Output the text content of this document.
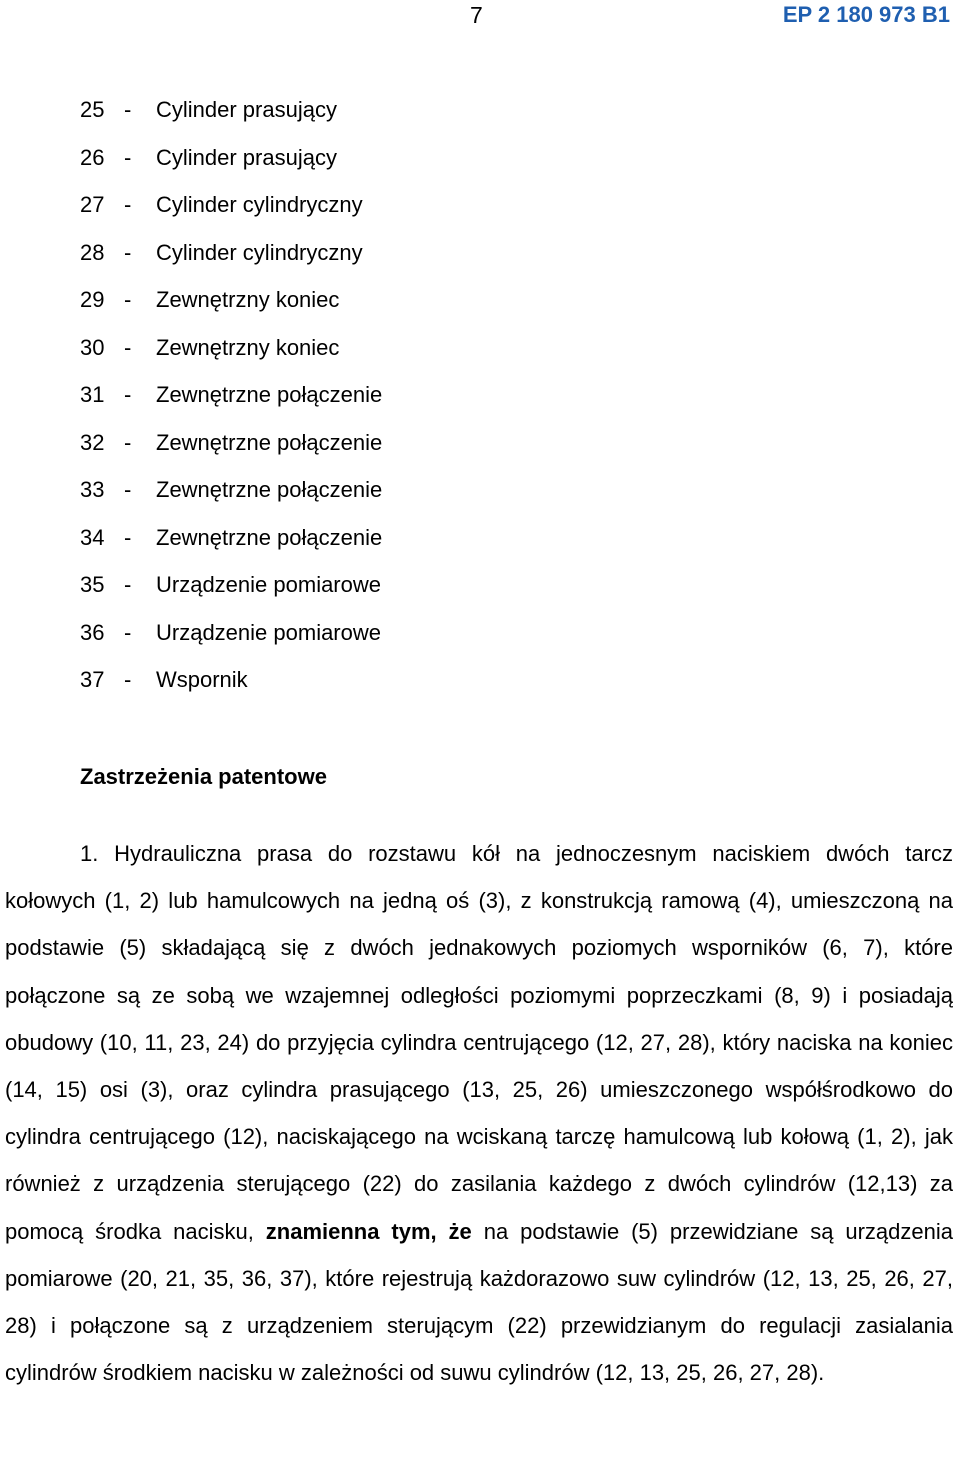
7	EP 2 180 973 B1
25 - Cylinder prasujący
26 - Cylinder prasujący
27 - Cylinder cylindryczny
28 - Cylinder cylindryczny
29 - Zewnętrzny koniec
30 - Zewnętrzny koniec
31 - Zewnętrzne połączenie
32 - Zewnętrzne połączenie
33 - Zewnętrzne połączenie
34 - Zewnętrzne połączenie
35 - Urządzenie pomiarowe
36 - Urządzenie pomiarowe
37 - Wspornik
Zastrzeżenia patentowe

1. Hydrauliczna prasa do rozstawu kół na jednoczesnym naciskiem dwóch tarcz kołowych (1, 2) lub hamulcowych na jedną oś (3), z konstrukcją ramową (4), umieszczoną na podstawie (5) składającą się z dwóch jednakowych poziomych wsporników (6, 7), które połączone są ze sobą we wzajemnej odległości poziomymi poprzeczkami (8, 9) i posiadają obudowy (10, 11, 23, 24) do przyjęcia cylindra centrującego (12, 27, 28), który naciska na koniec (14, 15) osi (3), oraz cylindra prasującego (13, 25, 26) umieszczonego współśrodkowo do cylindra centrującego (12), naciskającego na wciskaną tarczę hamulcową lub kołową (1, 2), jak również z urządzenia sterującego (22) do zasilania każdego z dwóch cylindrów (12,13) za pomocą środka nacisku, znamienna tym, że na podstawie (5) przewidziane są urządzenia pomiarowe (20, 21, 35, 36, 37), które rejestrują każdorazowo suw cylindrów (12, 13, 25, 26, 27, 28) i połączone są z urządzeniem sterującym (22) przewidzianym do regulacji zasialania cylindrów środkiem nacisku w zależności od suwu cylindrów (12, 13, 25, 26, 27, 28).
